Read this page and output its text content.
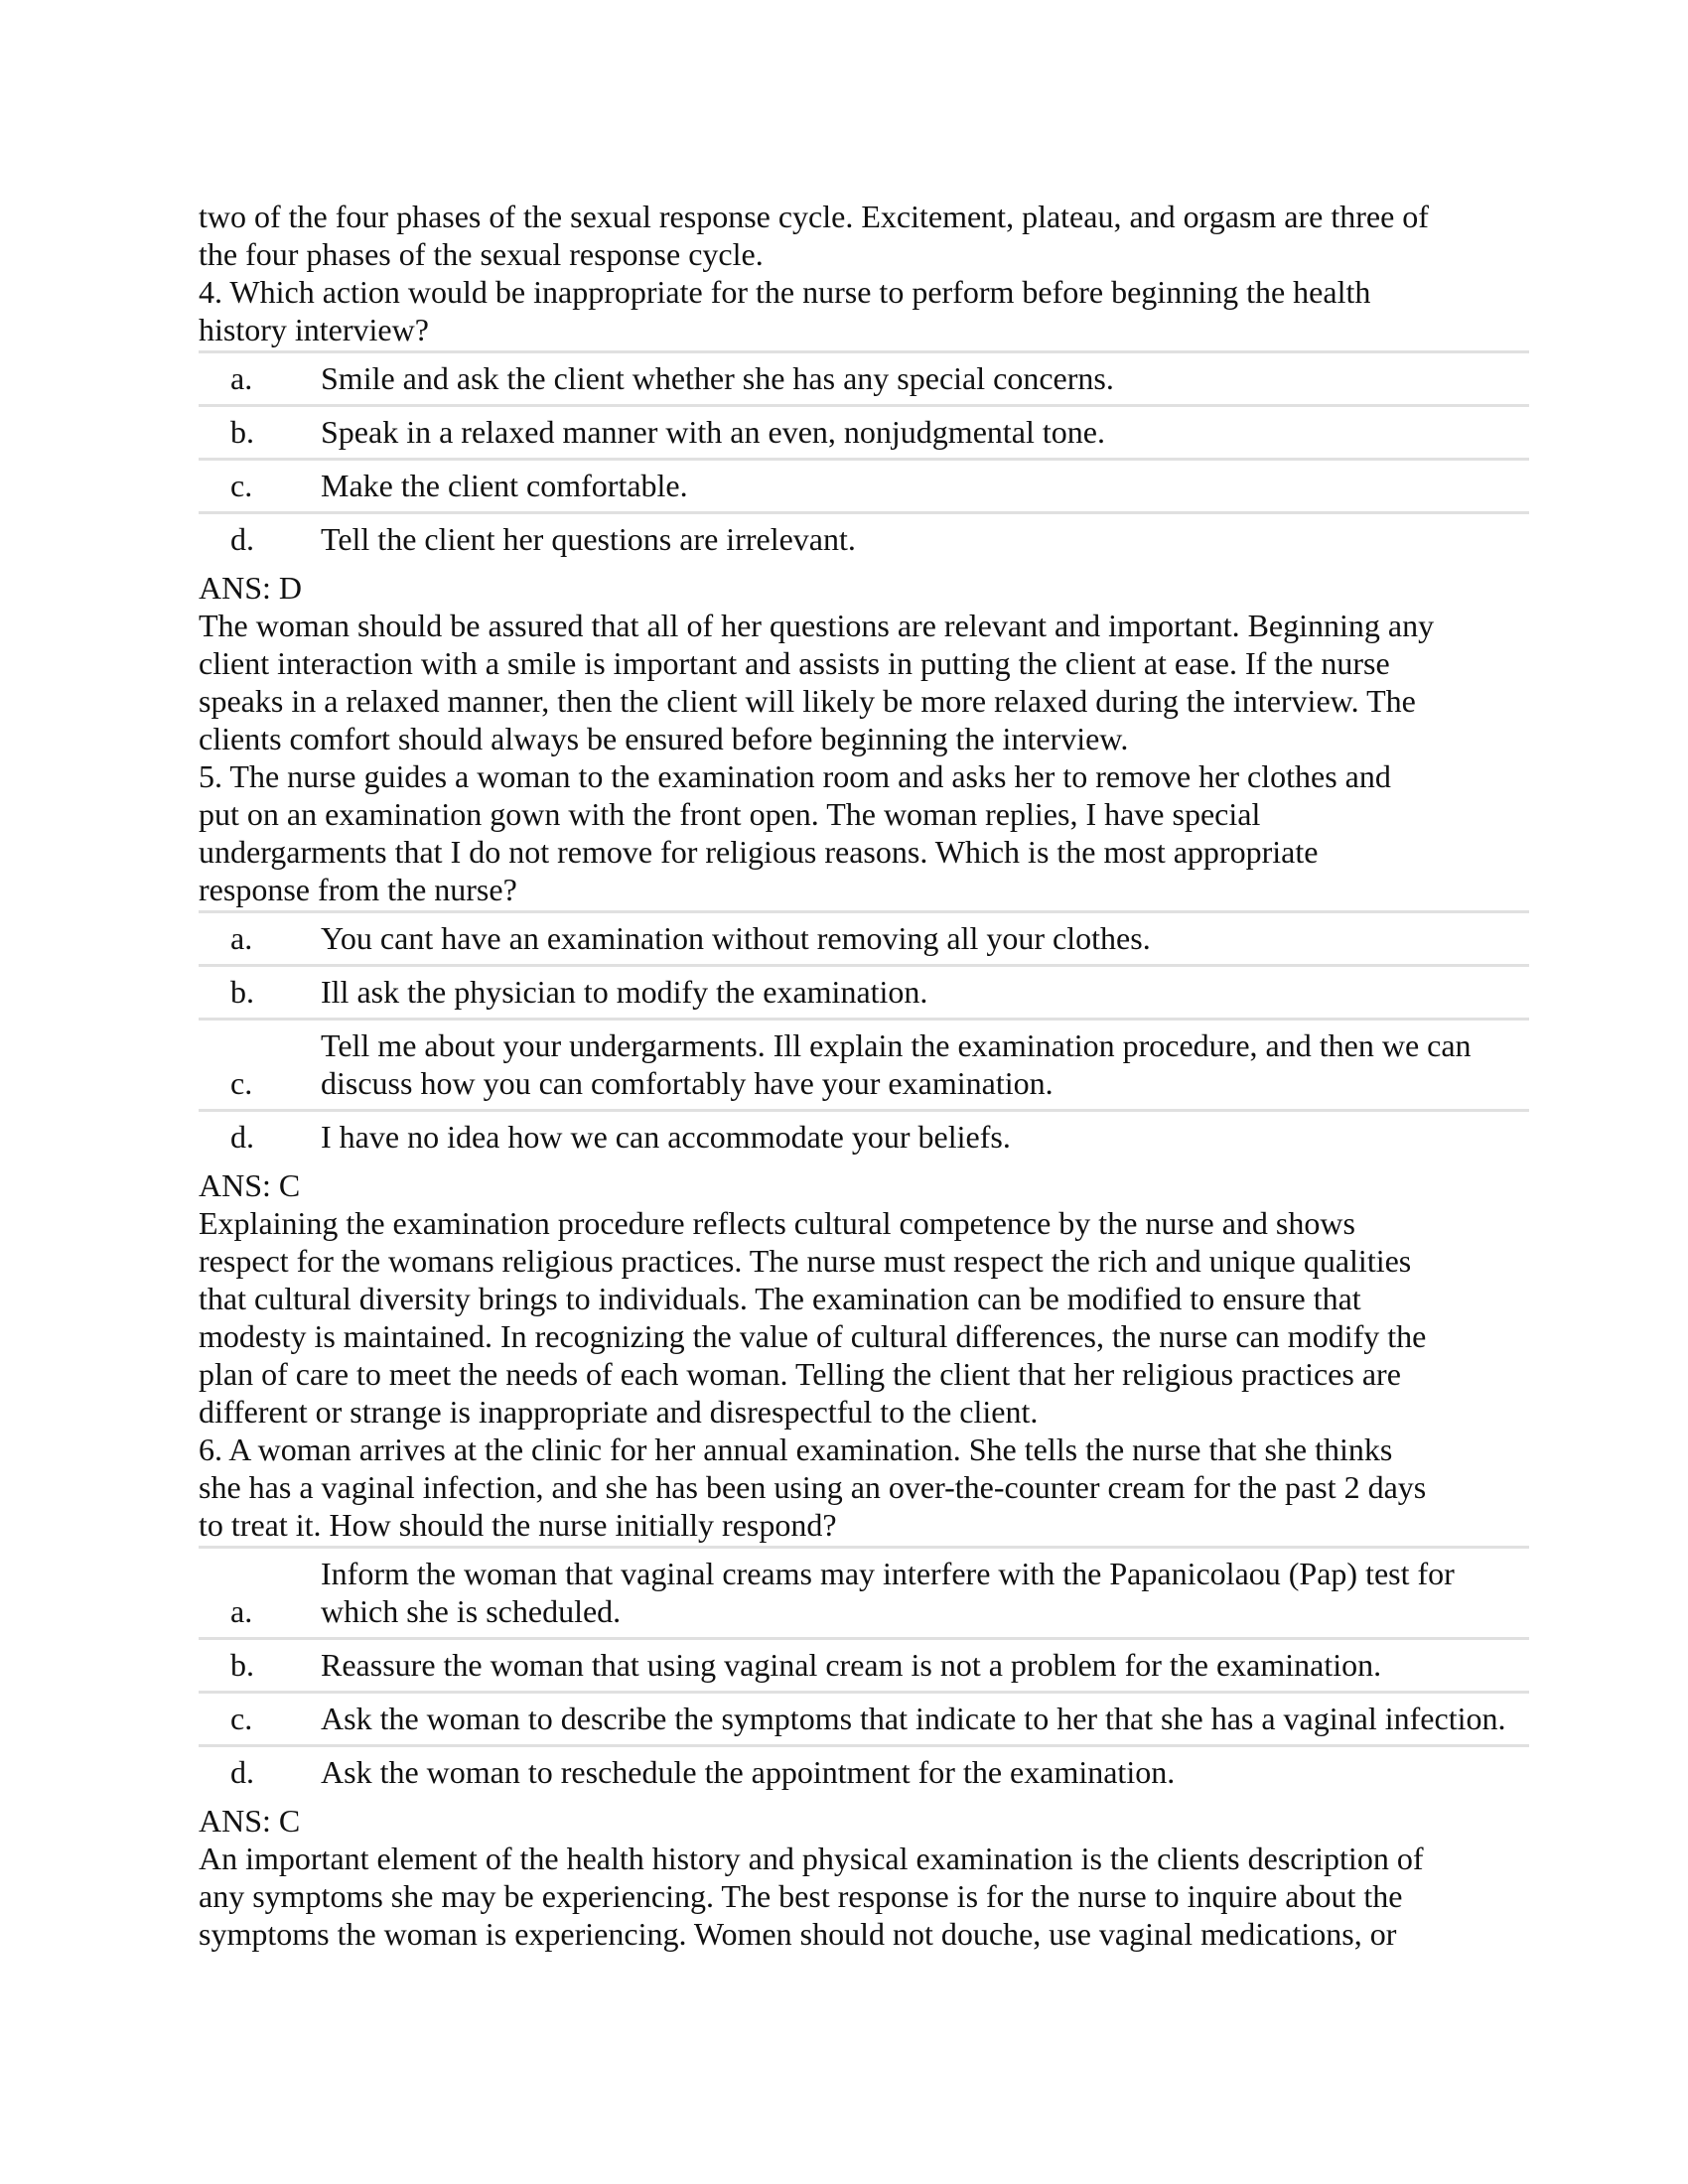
two of the four phases of the sexual response cycle. Excitement, plateau, and orgasm are three of
the four phases of the sexual response cycle.
4. Which action would be inappropriate for the nurse to perform before beginning the health
history interview?
a.	Smile and ask the client whether she has any special concerns.
b.	Speak in a relaxed manner with an even, nonjudgmental tone.
c.	Make the client comfortable.
d.	Tell the client her questions are irrelevant.
ANS: D
The woman should be assured that all of her questions are relevant and important. Beginning any
client interaction with a smile is important and assists in putting the client at ease. If the nurse
speaks in a relaxed manner, then the client will likely be more relaxed during the interview. The
clients comfort should always be ensured before beginning the interview.
5. The nurse guides a woman to the examination room and asks her to remove her clothes and
put on an examination gown with the front open. The woman replies, I have special
undergarments that I do not remove for religious reasons. Which is the most appropriate
response from the nurse?
a.	You cant have an examination without removing all your clothes.
b.	Ill ask the physician to modify the examination.
c.	Tell me about your undergarments. Ill explain the examination procedure, and then we can discuss how you can comfortably have your examination.
d.	I have no idea how we can accommodate your beliefs.
ANS: C
Explaining the examination procedure reflects cultural competence by the nurse and shows
respect for the womans religious practices. The nurse must respect the rich and unique qualities
that cultural diversity brings to individuals. The examination can be modified to ensure that
modesty is maintained. In recognizing the value of cultural differences, the nurse can modify the
plan of care to meet the needs of each woman. Telling the client that her religious practices are
different or strange is inappropriate and disrespectful to the client.
6. A woman arrives at the clinic for her annual examination. She tells the nurse that she thinks
she has a vaginal infection, and she has been using an over-the-counter cream for the past 2 days
to treat it. How should the nurse initially respond?
a.	Inform the woman that vaginal creams may interfere with the Papanicolaou (Pap) test for which she is scheduled.
b.	Reassure the woman that using vaginal cream is not a problem for the examination.
c.	Ask the woman to describe the symptoms that indicate to her that she has a vaginal infection.
d.	Ask the woman to reschedule the appointment for the examination.
ANS: C
An important element of the health history and physical examination is the clients description of
any symptoms she may be experiencing. The best response is for the nurse to inquire about the
symptoms the woman is experiencing. Women should not douche, use vaginal medications, or
